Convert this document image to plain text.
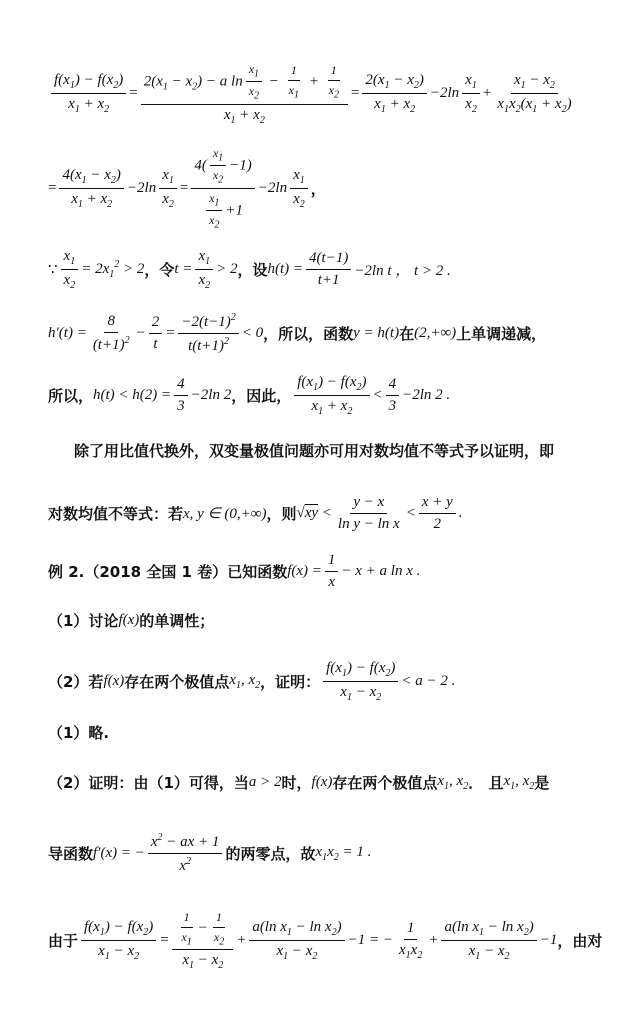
$\frac{f(x_1) - f(x_2)}{x_1 + x_2} = \frac{2(x_1 - x_2) - a \ln \frac{x_1}{x_2} - \frac{1}{x_1} + \frac{1}{x_2}}{x_1 + x_2} = \frac{2(x_1 - x_2)}{x_1 + x_2} -2\ln \frac{x_1}{x_2} + \frac{x_1 - x_2}{x_1x_2(x_1 + x_2)}$
= $\frac{4(x_1 - x_2)}{x_1 + x_2} -2\ln \frac{x_1}{x_2} = \frac{4( \frac{x_1}{x_2} -1)}{\frac{x_1}{x_2} +1} -2\ln \frac{x_1}{x_2}$ ，
∵ $\frac{x_1}{x_2} = 2x_1^2 > 2$ ，令 $t = \frac{x_1}{x_2} > 2$ ，设 $h(t) = \frac{4(t-1)}{t+1} -2\ln$ t ， t > 2 .
$h'(t) = \frac{8}{(t+1)^2} - \frac{2}{t} = \frac{-2(t-1)^2}{t(t+1)^2} < 0$ ，所以，函数 y = h(t) 在 (2,+∞) 上单调递减，
所以， $h(t) < h(2) = \frac{4}{3} -2\ln$ 2 ，因此， $\frac{f(x_1) - f(x_2)}{x_1 + x_2} < \frac{4}{3} -2\ln$ 2 .
除了用比值代换外，双变量极值问题亦可用对数均值不等式予以证明，即
对数均值不等式：若 x, y ∈ (0,+∞) ，则 $√xy < \frac{y - x}{\text{ln y − ln x}} < \frac{x + y}{2}$ .
例 2.（2018 全国 1 卷）已知函数 $f(x) = \frac{1}{x} - x + a$ ln x .
（1）讨论 f(x) 的单调性；
（2）若 f(x) 存在两个极值点 $x_1$, $x_2$ ，证明： $\frac{f(x_1) - f(x_2)}{x_1 - x_2} < a - 2$ .
（1）略.
（2）证明：由（1）可得，当 a > 2 时， f(x) 存在两个极值点 $x_1$, $x_2$ ． 且 $x_1$, $x_2$ 是
导函数 f′(x) = − $\frac{x^2 - ax + 1}{x^2}$ 的两零点，故 $x_1x_2 = 1$ .
由于 $\frac{f(x_1) - f(x_2)}{x_1 - x_2} = \frac{\frac{1}{x_1} - \frac{1}{x_2}}{x_1 - x_2} + \frac{a(\ln x_1 - \ln x_2)}{x_1 - x_2} -1$ = − $\frac{1}{x_1x_2} + \frac{a(\ln x_1 - \ln x_2)}{x_1 - x_2} -1$ ，由对
